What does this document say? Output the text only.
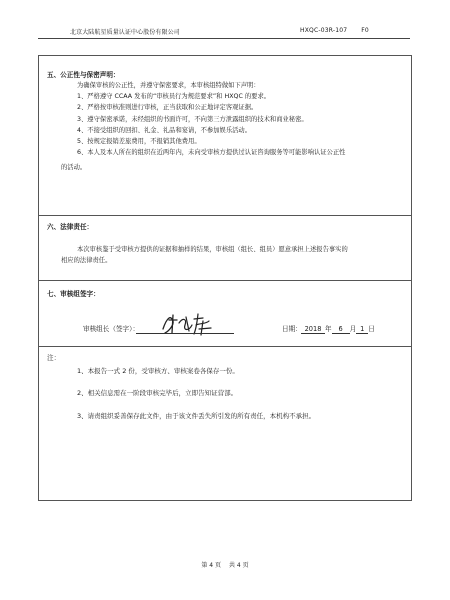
北京大陆航星质量认证中心股份有限公司	HXQC-03R-107 F0
五、公正性与保密声明：
为确保审核的公正性，并遵守保密要求，本审核组特做如下声明：
1、严格遵守 CCAA 发布的“审核员行为规范要求”和 HXQC 的要求。
2、严格按审核准则进行审核，正当获取和公正地评定客观证据。
3、遵守保密承诺，未经组织的书面许可，不向第三方泄露组织的技术和商业秘密。
4、不接受组织的回扣、礼金、礼品和宴请，不参加娱乐活动。
5、按规定报销差旅费用，不报销其他费用。
6、本人及本人所在的组织在近两年内，未向受审核方提供过认证咨询服务等可能影响认证公正性
的活动。
六、法律责任：
本次审核鉴于受审核方提供的证据和抽样的结果，审核组（组长、组员）愿意承担上述报告事实的
相应的法律责任。
七、审核组签字：
审核组长（签字）：	日期： 2018 年 6 月 1 日
注：
1、本报告一式 2 份，受审核方、审核案卷各保存一份。
2、相关信息需在一阶段审核完毕后，立即告知证营部。
3、请责组织妥善保存此文件，由于该文件丢失所引发的所有责任，本机构不承担。
第 4 页 共 4 页
